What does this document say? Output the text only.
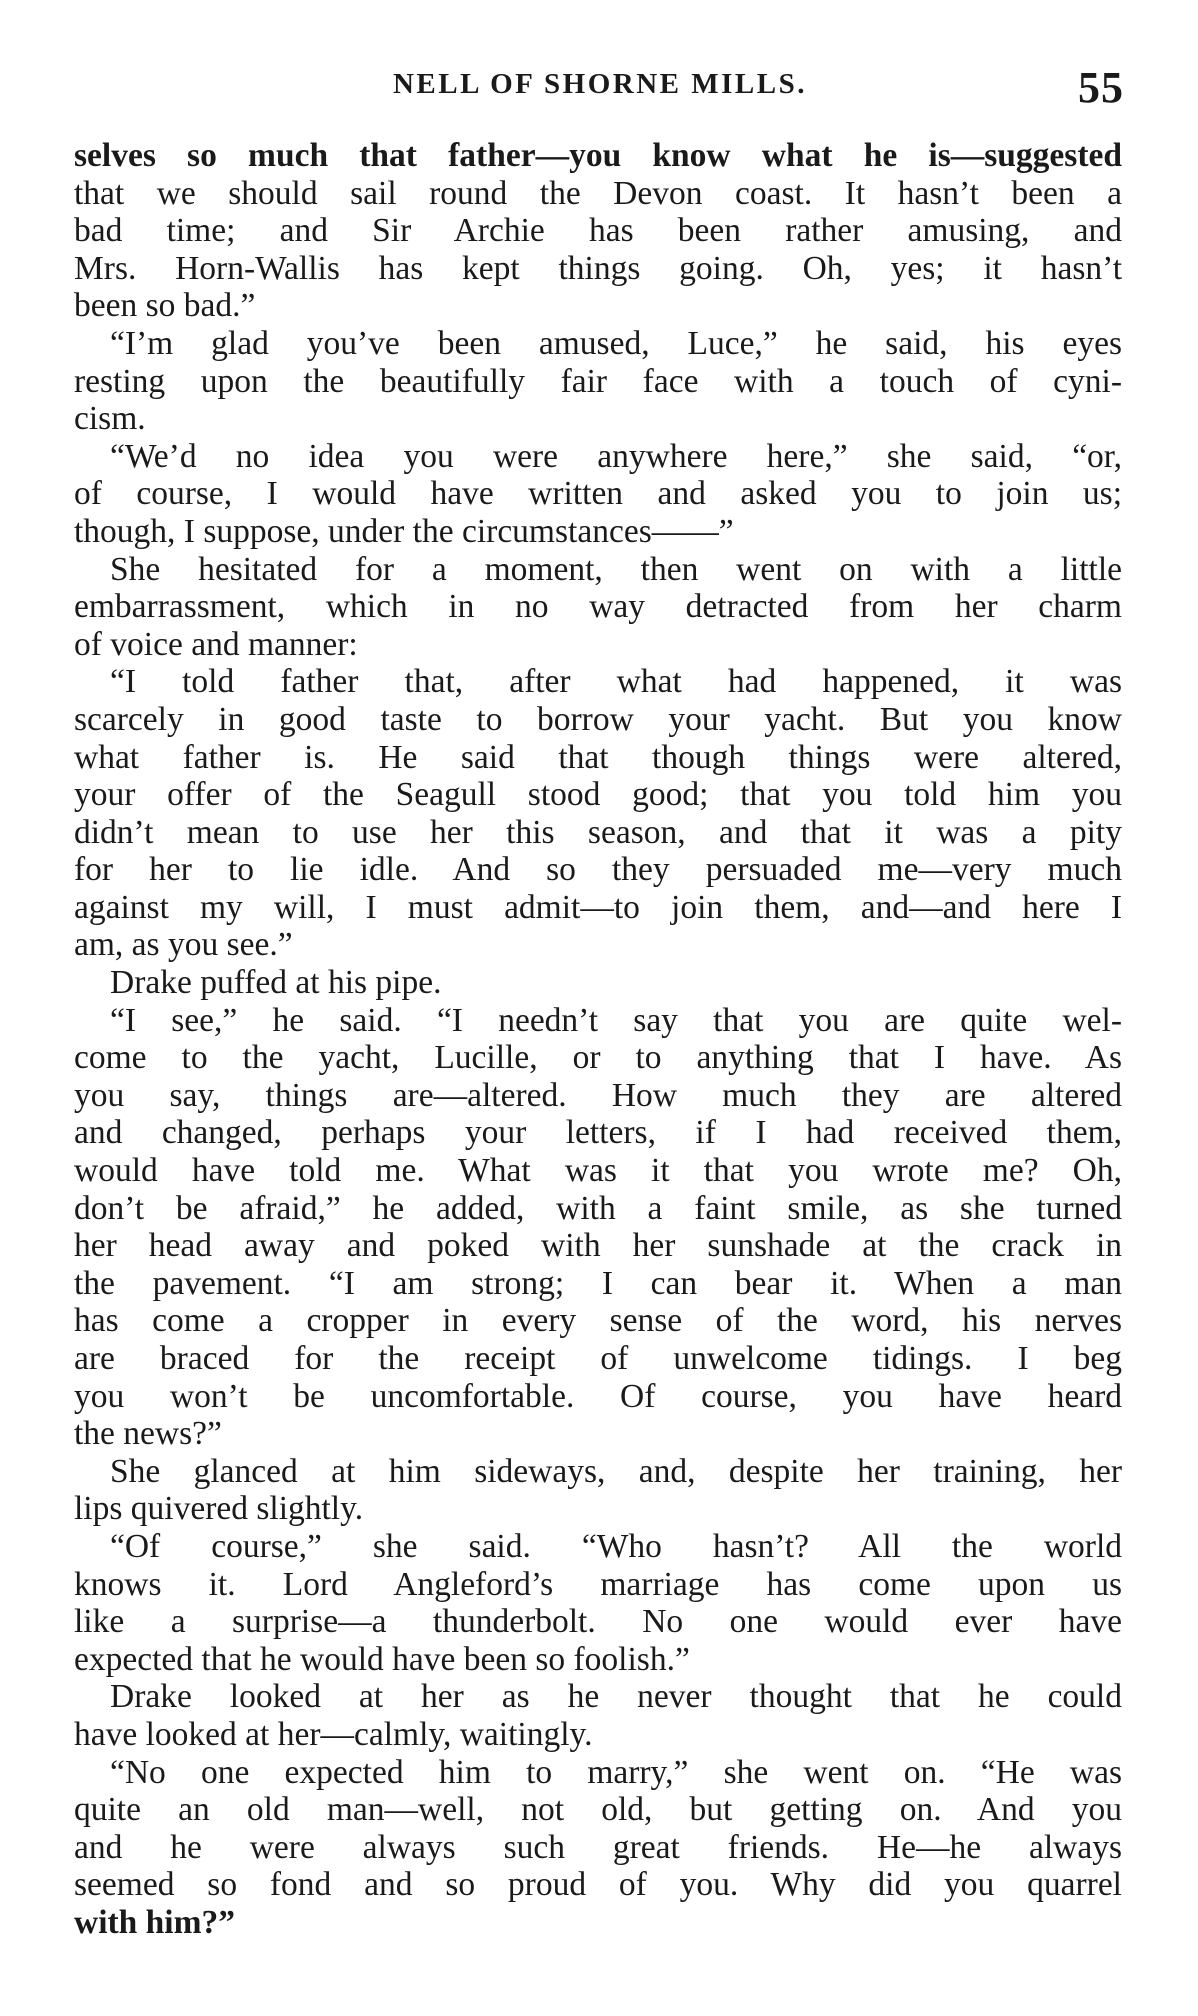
NELL OF SHORNE MILLS.	55
selves so much that father—you know what he is—suggested
that we should sail round the Devon coast. It hasn’t been a
bad time; and Sir Archie has been rather amusing, and
Mrs. Horn-Wallis has kept things going. Oh, yes; it hasn’t
been so bad.”
“I’m glad you’ve been amused, Luce,” he said, his eyes
resting upon the beautifully fair face with a touch of cyni-
cism.
“We’d no idea you were anywhere here,” she said, “or,
of course, I would have written and asked you to join us;
though, I suppose, under the circumstances——”
She hesitated for a moment, then went on with a little
embarrassment, which in no way detracted from her charm
of voice and manner:
“I told father that, after what had happened, it was
scarcely in good taste to borrow your yacht. But you know
what father is. He said that though things were altered,
your offer of the Seagull stood good; that you told him you
didn’t mean to use her this season, and that it was a pity
for her to lie idle. And so they persuaded me—very much
against my will, I must admit—to join them, and—and here I
am, as you see.”
Drake puffed at his pipe.
“I see,” he said. “I needn’t say that you are quite wel-
come to the yacht, Lucille, or to anything that I have. As
you say, things are—altered. How much they are altered
and changed, perhaps your letters, if I had received them,
would have told me. What was it that you wrote me? Oh,
don’t be afraid,” he added, with a faint smile, as she turned
her head away and poked with her sunshade at the crack in
the pavement. “I am strong; I can bear it. When a man
has come a cropper in every sense of the word, his nerves
are braced for the receipt of unwelcome tidings. I beg
you won’t be uncomfortable. Of course, you have heard
the news?”
She glanced at him sideways, and, despite her training, her
lips quivered slightly.
“Of course,” she said. “Who hasn’t? All the world
knows it. Lord Angleford’s marriage has come upon us
like a surprise—a thunderbolt. No one would ever have
expected that he would have been so foolish.”
Drake looked at her as he never thought that he could
have looked at her—calmly, waitingly.
“No one expected him to marry,” she went on. “He was
quite an old man—well, not old, but getting on. And you
and he were always such great friends. He—he always
seemed so fond and so proud of you. Why did you quarrel
with him?”
